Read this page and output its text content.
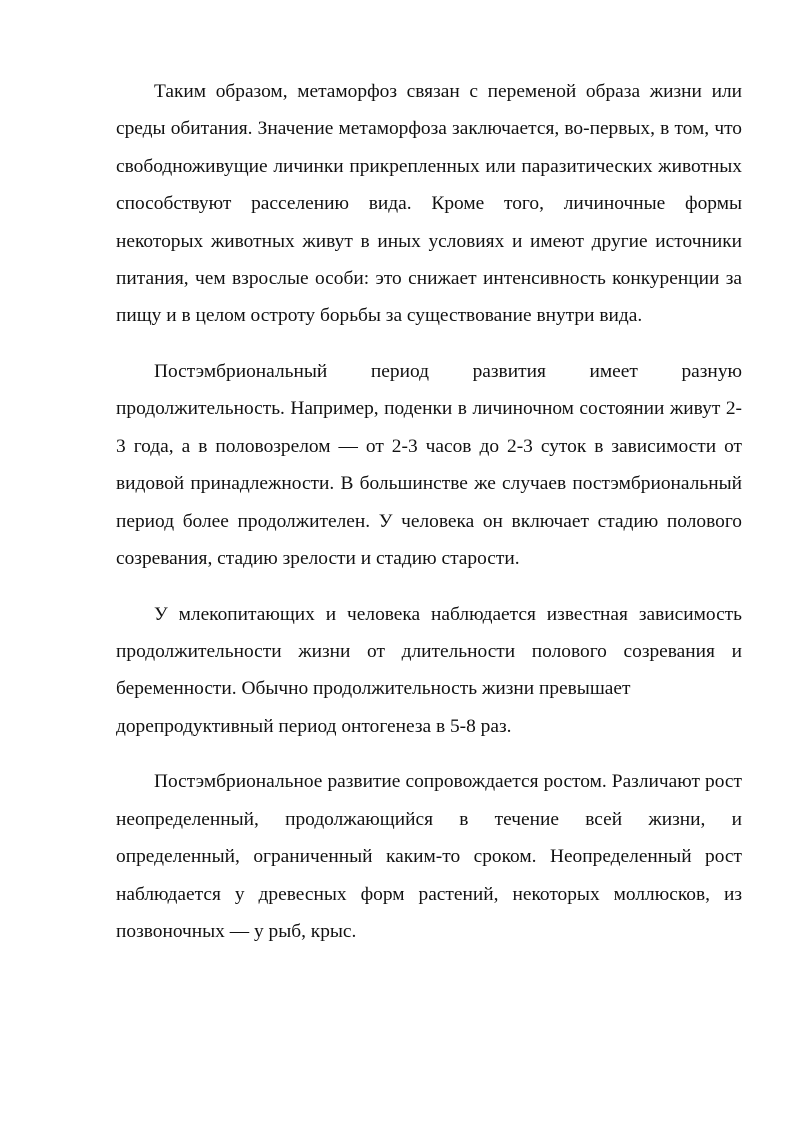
Таким образом, метаморфоз связан с переменой образа жизни или среды обитания. Значение метаморфоза заключается, во-первых, в том, что свободноживущие личинки прикрепленных или паразитических животных способствуют расселению вида. Кроме того, личиночные формы некоторых животных живут в иных условиях и имеют другие источники питания, чем взрослые особи: это снижает интенсивность конкуренции за пищу и в целом остроту борьбы за существование внутри вида.

Постэмбриональный период развития имеет разную продолжительность. Например, поденки в личиночном состоянии живут 2-3 года, а в половозрелом — от 2-3 часов до 2-3 суток в зависимости от видовой принадлежности. В большинстве же случаев постэмбриональный период более продолжителен. У человека он включает стадию полового созревания, стадию зрелости и стадию старости.

У млекопитающих и человека наблюдается известная зависимость продолжительности жизни от длительности полового созревания и беременности. Обычно продолжительность жизни превышает

дорепродуктивный период онтогенеза в 5-8 раз.

Постэмбриональное развитие сопровождается ростом. Различают рост неопределенный, продолжающийся в течение всей жизни, и определенный, ограниченный каким-то сроком. Неопределенный рост наблюдается у древесных форм растений, некоторых моллюсков, из позвоночных — у рыб, крыс.
